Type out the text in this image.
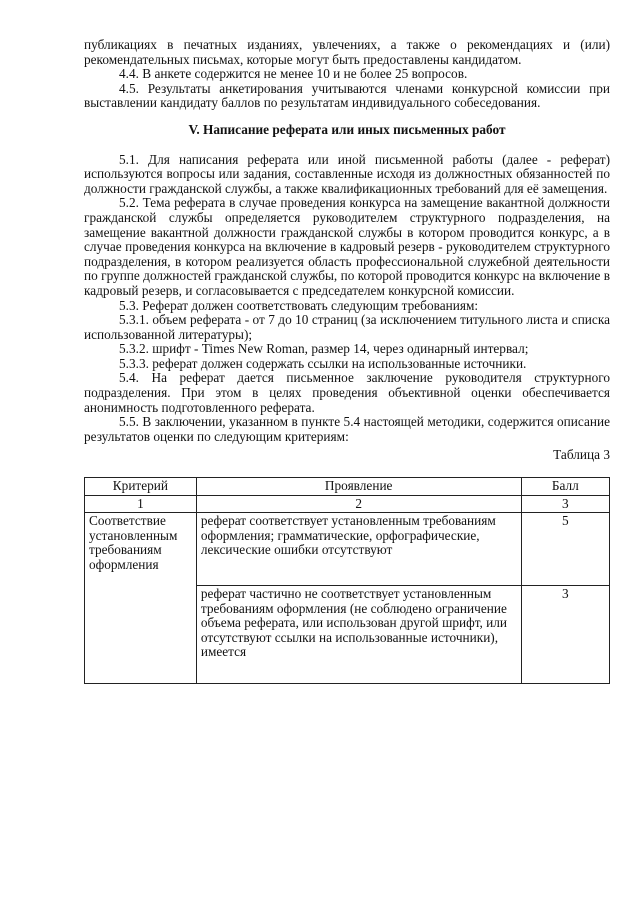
публикациях в печатных изданиях, увлечениях, а также о рекомендациях и (или) рекомендательных письмах, которые могут быть предоставлены кандидатом.

4.4. В анкете содержится не менее 10 и не более 25 вопросов.

4.5. Результаты анкетирования учитываются членами конкурсной комиссии при выставлении кандидату баллов по результатам индивидуального собеседования.

V. Написание реферата или иных письменных работ

5.1. Для написания реферата или иной письменной работы (далее - реферат) используются вопросы или задания, составленные исходя из должностных обязанностей по должности гражданской службы, а также квалификационных требований для её замещения.

5.2. Тема реферата в случае проведения конкурса на замещение вакантной должности гражданской службы определяется руководителем структурного подразделения, на замещение вакантной должности гражданской службы в котором проводится конкурс, а в случае проведения конкурса на включение в кадровый резерв - руководителем структурного подразделения, в котором реализуется область профессиональной служебной деятельности по группе должностей гражданской службы, по которой проводится конкурс на включение в кадровый резерв, и согласовывается с председателем конкурсной комиссии.

5.3. Реферат должен соответствовать следующим требованиям:

5.3.1. объем реферата - от 7 до 10 страниц (за исключением титульного листа и списка использованной литературы);

5.3.2. шрифт - Times New Roman, размер 14, через одинарный интервал;

5.3.3. реферат должен содержать ссылки на использованные источники.

5.4. На реферат дается письменное заключение руководителя структурного подразделения. При этом в целях проведения объективной оценки обеспечивается анонимность подготовленного реферата.

5.5. В заключении, указанном в пункте 5.4 настоящей методики, содержится описание результатов оценки по следующим критериям:

Таблица 3

Критерий	Проявление	Балл
1	2	3
Соответствие установленным требованиям оформления	реферат соответствует установленным требованиям оформления; грамматические, орфографические, лексические ошибки отсутствуют	5
	реферат частично не соответствует установленным требованиям оформления (не соблюдено ограничение объема реферата, или использован другой шрифт, или отсутствуют ссылки на использованные источники), имеется	3
